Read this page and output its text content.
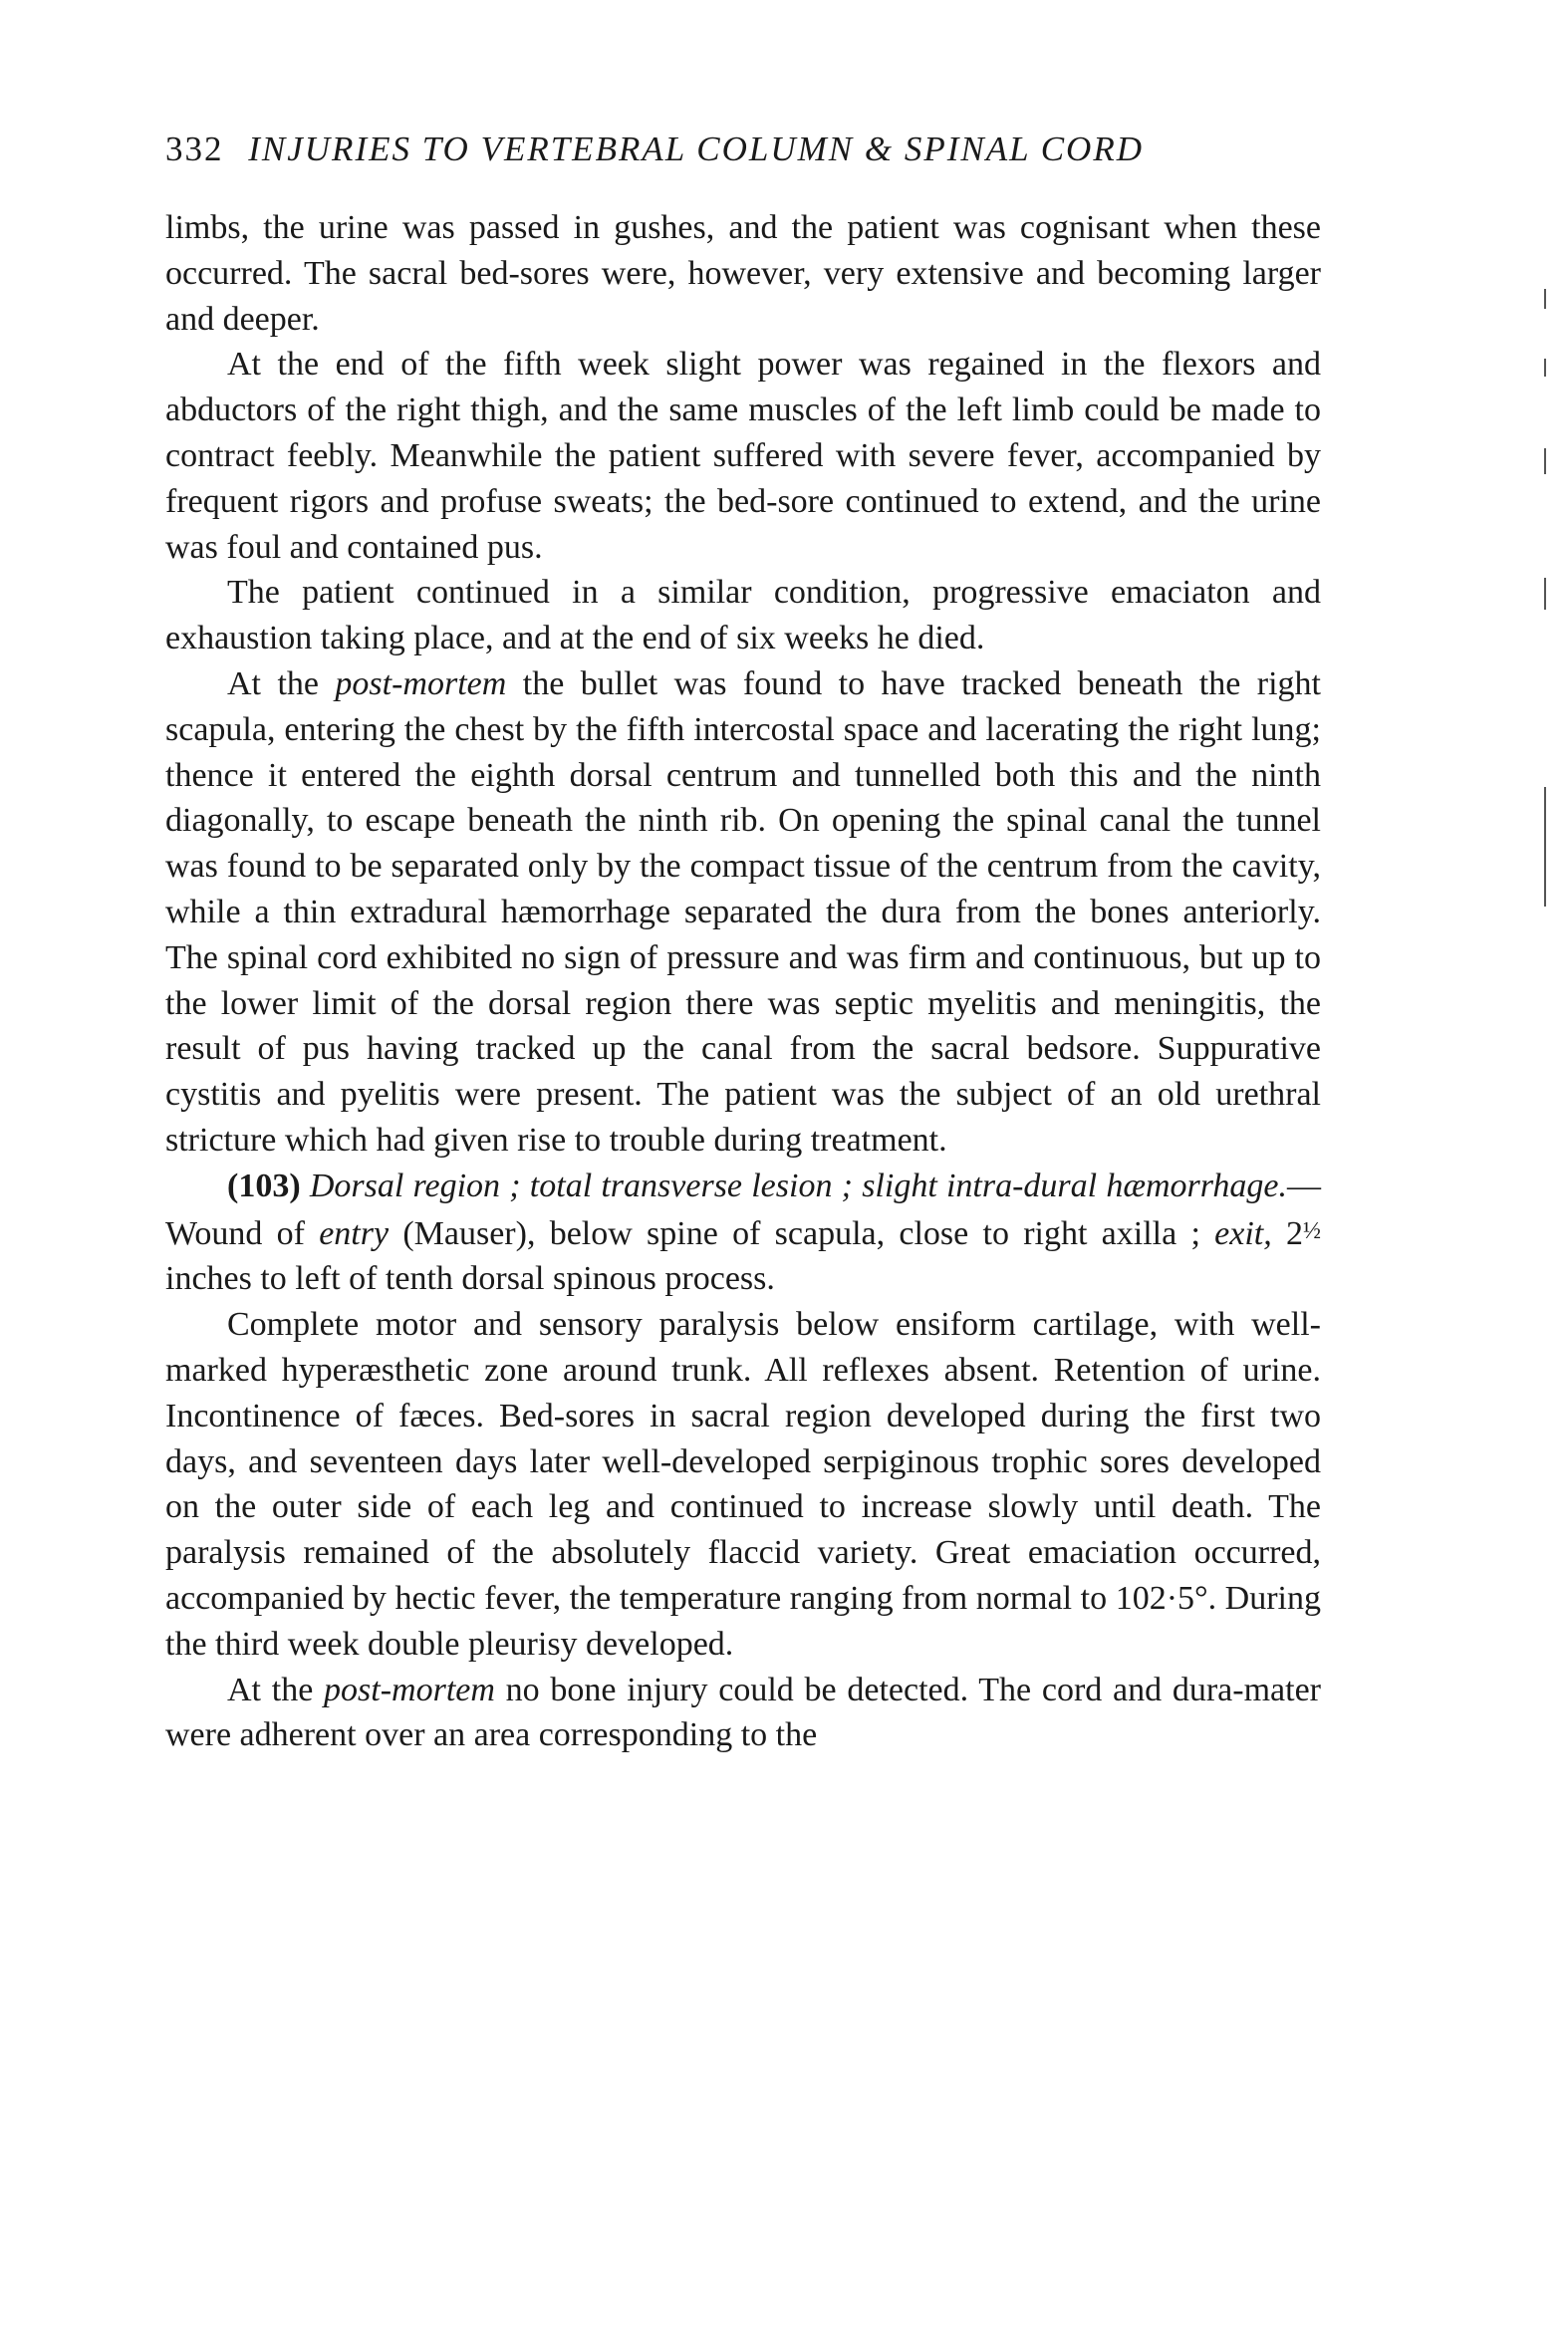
332 INJURIES TO VERTEBRAL COLUMN & SPINAL CORD

limbs, the urine was passed in gushes, and the patient was cognisant when these occurred. The sacral bed-sores were, however, very extensive and becoming larger and deeper.

At the end of the fifth week slight power was regained in the flexors and abductors of the right thigh, and the same muscles of the left limb could be made to contract feebly. Meanwhile the patient suffered with severe fever, accompanied by frequent rigors and profuse sweats; the bed-sore continued to extend, and the urine was foul and contained pus.

The patient continued in a similar condition, progressive emaciaton and exhaustion taking place, and at the end of six weeks he died.

At the post-mortem the bullet was found to have tracked beneath the right scapula, entering the chest by the fifth intercostal space and lacerating the right lung; thence it entered the eighth dorsal centrum and tunnelled both this and the ninth diagonally, to escape beneath the ninth rib. On opening the spinal canal the tunnel was found to be separated only by the compact tissue of the centrum from the cavity, while a thin extradural hæmorrhage separated the dura from the bones anteriorly. The spinal cord exhibited no sign of pressure and was firm and continuous, but up to the lower limit of the dorsal region there was septic myelitis and meningitis, the result of pus having tracked up the canal from the sacral bedsore. Suppurative cystitis and pyelitis were present. The patient was the subject of an old urethral stricture which had given rise to trouble during treatment.

(103) Dorsal region ; total transverse lesion ; slight intra-dural hæmorrhage.—Wound of entry (Mauser), below spine of scapula, close to right axilla ; exit, 2½ inches to left of tenth dorsal spinous process.

Complete motor and sensory paralysis below ensiform cartilage, with well-marked hyperæsthetic zone around trunk. All reflexes absent. Retention of urine. Incontinence of fæces. Bed-sores in sacral region developed during the first two days, and seventeen days later well-developed serpiginous trophic sores developed on the outer side of each leg and continued to increase slowly until death. The paralysis remained of the absolutely flaccid variety. Great emaciation occurred, accompanied by hectic fever, the temperature ranging from normal to 102·5°. During the third week double pleurisy developed.

At the post-mortem no bone injury could be detected. The cord and dura-mater were adherent over an area corresponding to the
